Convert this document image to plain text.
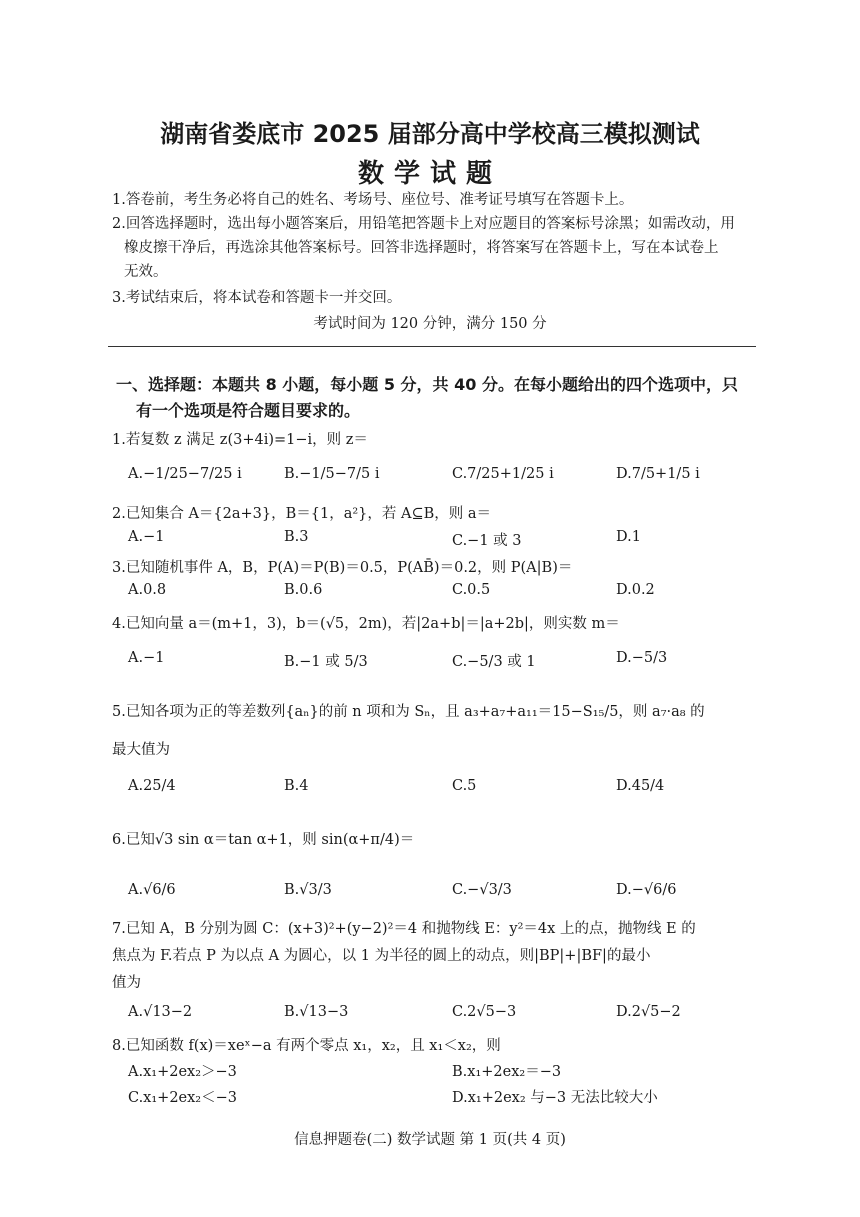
湖南省娄底市 2025 届部分高中学校高三模拟测试
数学试题
1.答卷前，考生务必将自己的姓名、考场号、座位号、准考证号填写在答题卡上。
2.回答选择题时，选出每小题答案后，用铅笔把答题卡上对应题目的答案标号涂黑；如需改动，用
橡皮擦干净后，再选涂其他答案标号。回答非选择题时，将答案写在答题卡上，写在本试卷上
无效。
3.考试结束后，将本试卷和答题卡一并交回。
考试时间为 120 分钟，满分 150 分
一、选择题：本题共 8 小题，每小题 5 分，共 40 分。在每小题给出的四个选项中，只
有一个选项是符合题目要求的。
1.若复数 z 满足 z(3+4i)=1−i，则 z＝
A.−1/25−7/25 i	B.−1/5−7/5 i	C.7/25+1/25 i	D.7/5+1/5 i
2.已知集合 A＝{2a+3}，B＝{1，a²}，若 A⊆B，则 a＝
A.−1	B.3	C.−1 或 3	D.1
3.已知随机事件 A，B，P(A)＝P(B)＝0.5，P(AB̄)＝0.2，则 P(A|B)＝
A.0.8	B.0.6	C.0.5	D.0.2
4.已知向量 a＝(m+1，3)，b＝(√5，2m)，若|2a+b|＝|a+2b|，则实数 m＝
A.−1	B.−1 或 5/3	C.−5/3 或 1	D.−5/3
5.已知各项为正的等差数列{aₙ}的前 n 项和为 Sₙ，且 a₃+a₇+a₁₁＝15−S₁₅/5，则 a₇·a₈ 的
最大值为
A.25/4	B.4	C.5	D.45/4
6.已知√3 sin α＝tan α+1，则 sin(α+π/4)＝
A.√6/6	B.√3/3	C.−√3/3	D.−√6/6
7.已知 A，B 分别为圆 C：(x+3)²+(y−2)²＝4 和抛物线 E：y²＝4x 上的点，抛物线 E 的
焦点为 F.若点 P 为以点 A 为圆心，以 1 为半径的圆上的动点，则|BP|+|BF|的最小
值为
A.√13−2	B.√13−3	C.2√5−3	D.2√5−2
8.已知函数 f(x)＝xeˣ−a 有两个零点 x₁，x₂，且 x₁＜x₂，则
A.x₁+2ex₂＞−3	B.x₁+2ex₂＝−3
C.x₁+2ex₂＜−3	D.x₁+2ex₂ 与−3 无法比较大小
信息押题卷(二) 数学试题 第 1 页(共 4 页)
